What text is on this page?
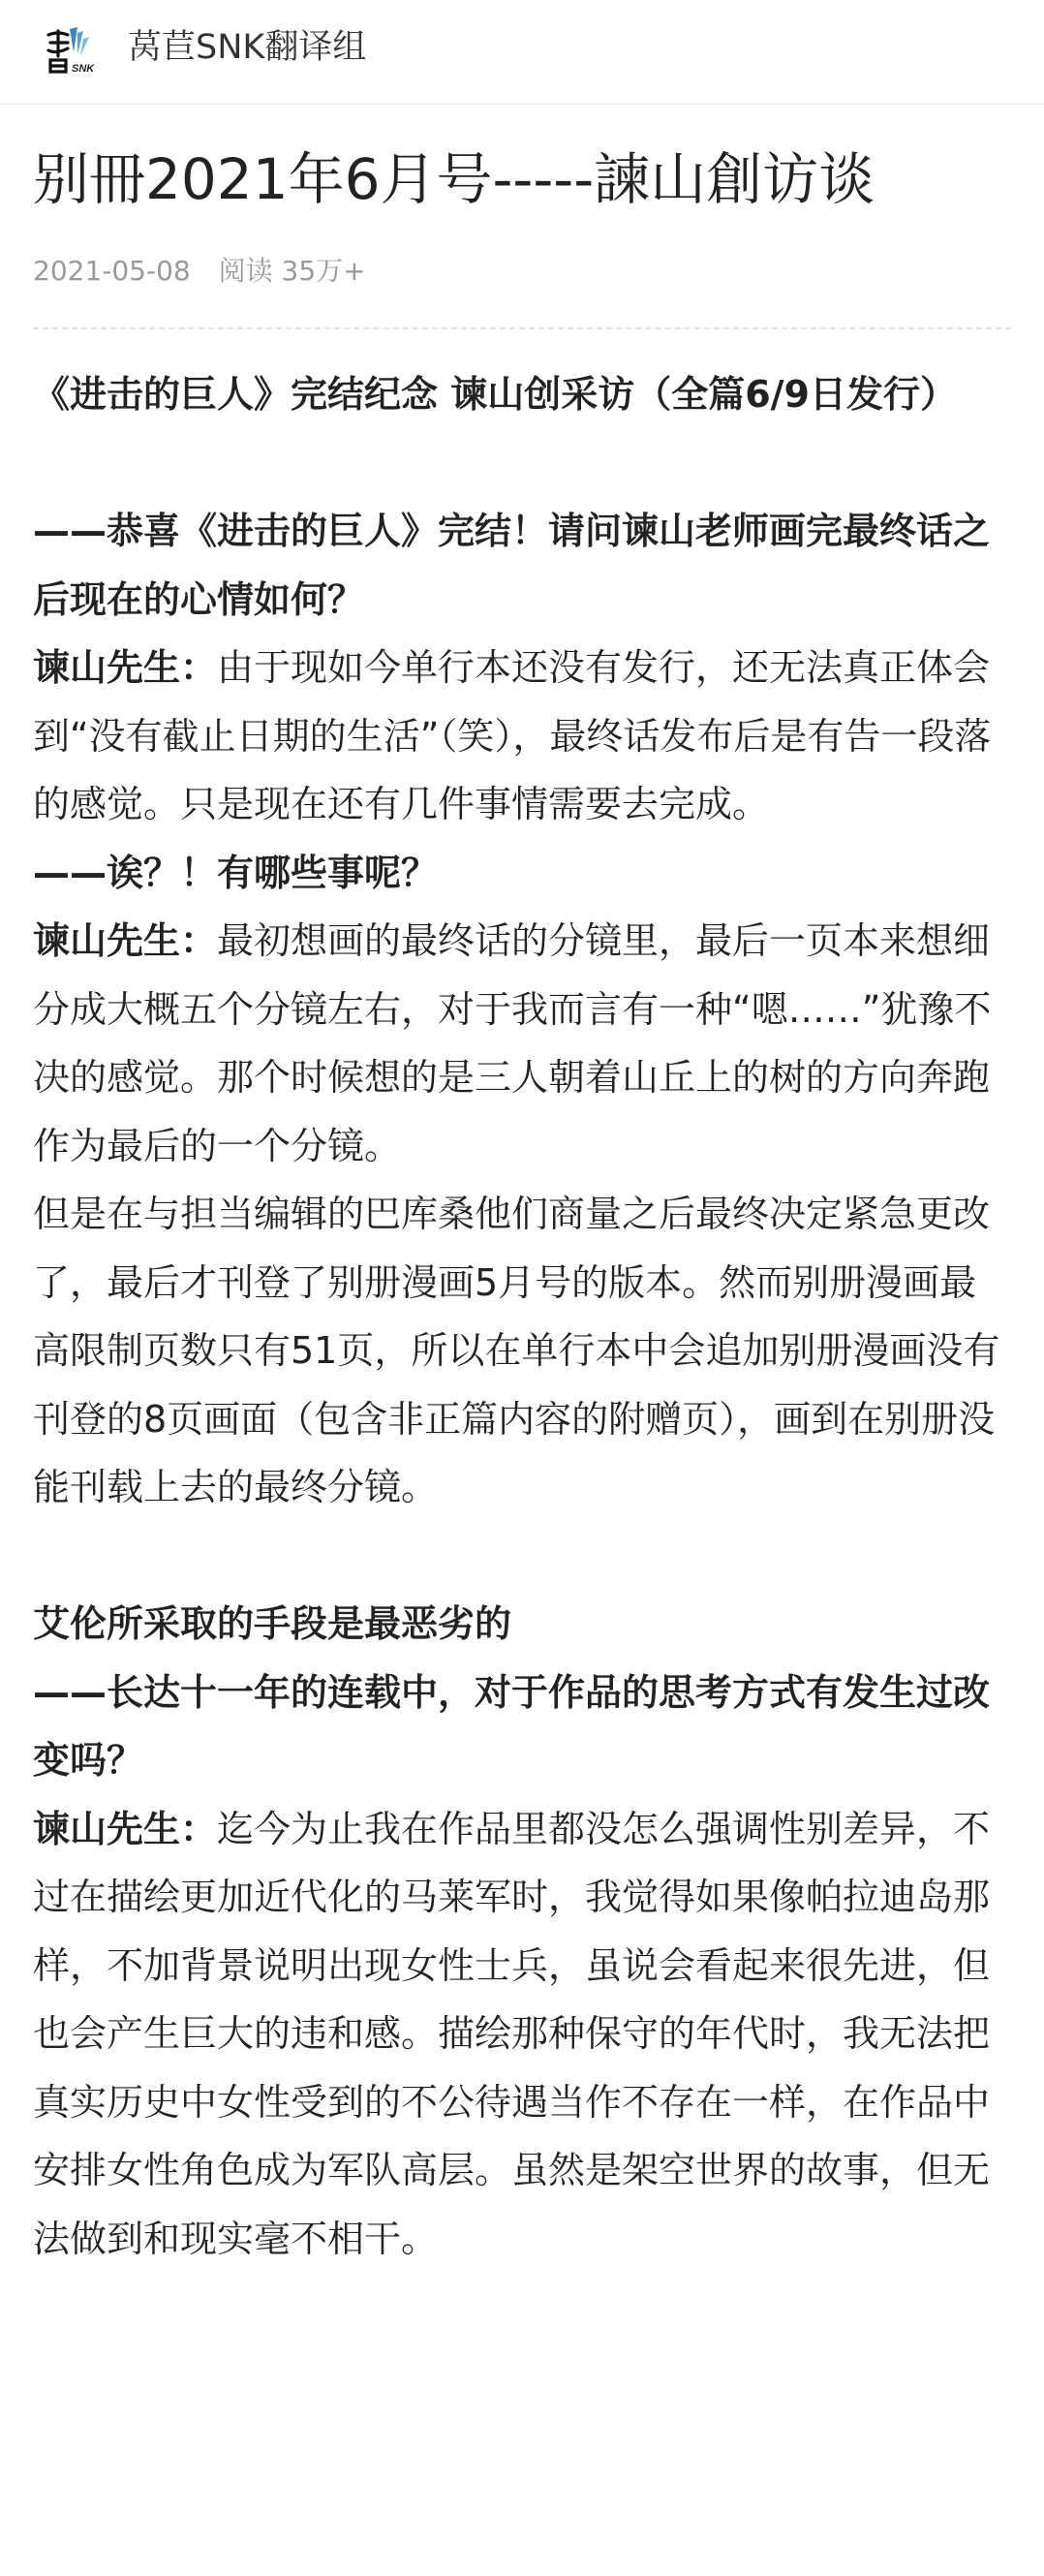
SNK
莴苣SNK翻译组
别冊2021年6月号-----諫山創访谈
2021-05-08 阅读 35万+

《进击的巨人》完结纪念 谏山创采访（全篇6/9日发行）

——恭喜《进击的巨人》完结！请问谏山老师画完最终话之后现在的心情如何？

谏山先生：由于现如今单行本还没有发行，还无法真正体会到“没有截止日期的生活”（笑），最终话发布后是有告一段落的感觉。只是现在还有几件事情需要去完成。

——诶？！有哪些事呢？

谏山先生：最初想画的最终话的分镜里，最后一页本来想细分成大概五个分镜左右，对于我而言有一种“嗯……”犹豫不决的感觉。那个时候想的是三人朝着山丘上的树的方向奔跑作为最后的一个分镜。

但是在与担当编辑的巴库桑他们商量之后最终决定紧急更改了，最后才刊登了别册漫画5月号的版本。然而别册漫画最高限制页数只有51页，所以在单行本中会追加别册漫画没有刊登的8页画面（包含非正篇内容的附赠页），画到在别册没能刊载上去的最终分镜。

艾伦所采取的手段是最恶劣的

——长达十一年的连载中，对于作品的思考方式有发生过改变吗？

谏山先生：迄今为止我在作品里都没怎么强调性别差异，不过在描绘更加近代化的马莱军时，我觉得如果像帕拉迪岛那样，不加背景说明出现女性士兵，虽说会看起来很先进，但也会产生巨大的违和感。描绘那种保守的年代时，我无法把真实历史中女性受到的不公待遇当作不存在一样，在作品中安排女性角色成为军队高层。虽然是架空世界的故事，但无法做到和现实毫不相干。
